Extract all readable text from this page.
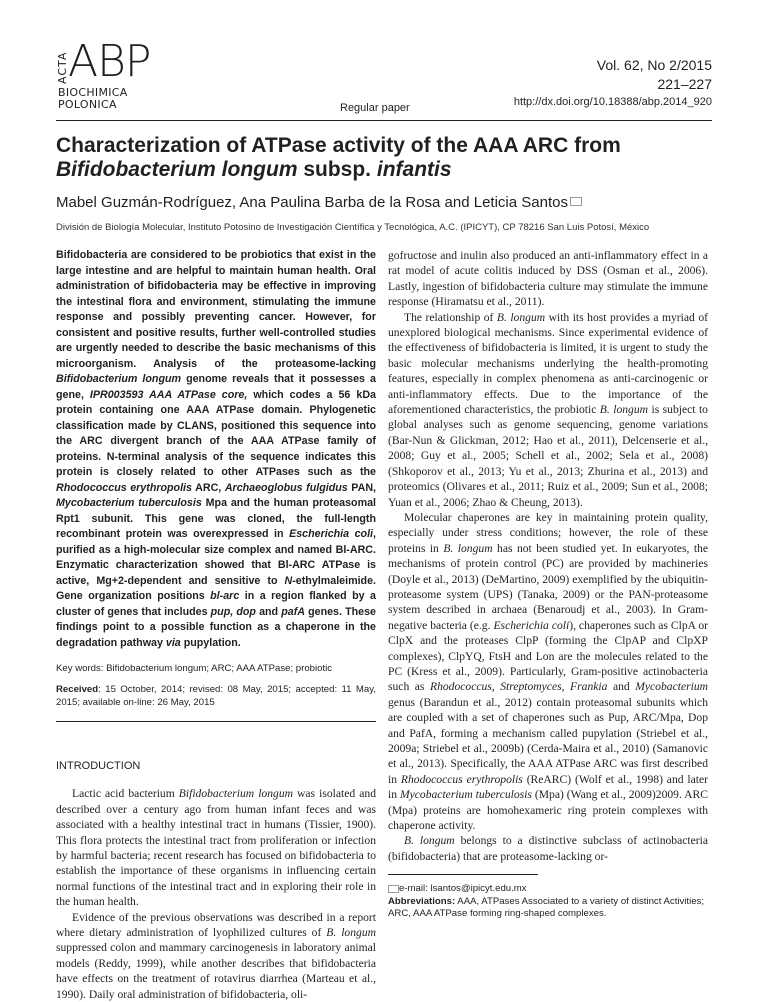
ACTA ABP
BIOCHIMICA
POLONICA
Vol. 62, No 2/2015
221–227
http://dx.doi.org/10.18388/abp.2014_920
Regular paper
Characterization of ATPase activity of the AAA ARC from
Bifidobacterium longum subsp. infantis
Mabel Guzmán-Rodríguez, Ana Paulina Barba de la Rosa and Leticia Santos
División de Biología Molecular, Instituto Potosino de Investigación Científica y Tecnológica, A.C. (IPICYT), CP 78216 San Luis Potosí, México

Bifidobacteria are considered to be probiotics that exist in the large intestine and are helpful to maintain human health. Oral administration of bifidobacteria may be effective in improving the intestinal flora and environment, stimulating the immune response and possibly preventing cancer. However, for consistent and positive results, further well-controlled studies are urgently needed to describe the basic mechanisms of this microorganism. Analysis of the proteasome-lacking Bifidobacterium longum genome reveals that it possesses a gene, IPR003593 AAA ATPase core, which codes a 56 kDa protein containing one AAA ATPase domain. Phylogenetic classification made by CLANS, positioned this sequence into the ARC divergent branch of the AAA ATPase family of proteins. N-terminal analysis of the sequence indicates this protein is closely related to other ATPases such as the Rhodococcus erythropolis ARC, Archaeoglobus fulgidus PAN, Mycobacterium tuberculosis Mpa and the human proteasomal Rpt1 subunit. This gene was cloned, the full-length recombinant protein was overexpressed in Escherichia coli, purified as a high-molecular size complex and named Bl-ARC. Enzymatic characterization showed that Bl-ARC ATPase is active, Mg+2-dependent and sensitive to N-ethylmaleimide. Gene organization positions bl-arc in a region flanked by a cluster of genes that includes pup, dop and pafA genes. These findings point to a possible function as a chaperone in the degradation pathway via pupylation.

Key words: Bifidobacterium longum; ARC; AAA ATPase; probiotic
Received: 15 October, 2014; revised: 08 May, 2015; accepted: 11 May, 2015; available on-line: 26 May, 2015
INTRODUCTION

Lactic acid bacterium Bifidobacterium longum was isolated and described over a century ago from human infant feces and was associated with a healthy intestinal tract in humans (Tissier, 1900). This flora protects the intestinal tract from proliferation or infection by harmful bacteria; recent research has focused on bifidobacteria to establish the importance of these organisms in influencing certain normal functions of the intestinal tract and in exploring their role in the human health.

Evidence of the previous observations was described in a report where dietary administration of lyophilized cultures of B. longum suppressed colon and mammary carcinogenesis in laboratory animal models (Reddy, 1999), while another describes that bifidobacteria have effects on the treatment of rotavirus diarrhea (Marteau et al., 1990). Daily oral administration of bifidobacteria, oli-

gofructose and inulin also produced an anti-inflammatory effect in a rat model of acute colitis induced by DSS (Osman et al., 2006). Lastly, ingestion of bifidobacteria culture may stimulate the immune response (Hiramatsu et al., 2011).

The relationship of B. longum with its host provides a myriad of unexplored biological mechanisms. Since experimental evidence of the effectiveness of bifidobacteria is limited, it is urgent to study the basic molecular mechanisms underlying the health-promoting features, especially in complex phenomena as anti-carcinogenic or anti-inflammatory effects. Due to the importance of the aforementioned characteristics, the probiotic B. longum is subject to global analyses such as genome sequencing, genome variations (Bar-Nun & Glickman, 2012; Hao et al., 2011), Delcenserie et al., 2008; Guy et al., 2005; Schell et al., 2002; Sela et al., 2008) (Shkoporov et al., 2013; Yu et al., 2013; Zhurina et al., 2013) and proteomics (Olivares et al., 2011; Ruiz et al., 2009; Sun et al., 2008; Yuan et al., 2006; Zhao & Cheung, 2013).

Molecular chaperones are key in maintaining protein quality, especially under stress conditions; however, the role of these proteins in B. longum has not been studied yet. In eukaryotes, the mechanisms of protein control (PC) are provided by machineries (Doyle et al., 2013) (DeMartino, 2009) exemplified by the ubiquitin-proteasome system (UPS) (Tanaka, 2009) or the PAN-proteasome system described in archaea (Benaroudj et al., 2003). In Gram-negative bacteria (e.g. Escherichia coli), chaperones such as ClpA or ClpX and the proteases ClpP (forming the ClpAP and ClpXP complexes), ClpYQ, FtsH and Lon are the molecules related to the PC (Kress et al., 2009). Particularly, Gram-positive actinobacteria such as Rhodococcus, Streptomyces, Frankia and Mycobacterium genus (Barandun et al., 2012) contain proteasomal subunits which are coupled with a set of chaperones such as Pup, ARC/Mpa, Dop and PafA, forming a mechanism called pupylation (Striebel et al., 2009a; Striebel et al., 2009b) (Cerda-Maira et al., 2010) (Samanovic et al., 2013). Specifically, the AAA ATPase ARC was first described in Rhodococcus erythropolis (ReARC) (Wolf et al., 1998) and later in Mycobacterium tuberculosis (Mpa) (Wang et al., 2009)2009. ARC (Mpa) proteins are homohexameric ring protein complexes with chaperone activity.

B. longum belongs to a distinctive subclass of actinobacteria (bifidobacteria) that are proteasome-lacking or-

e-mail: lsantos@ipicyt.edu.mx
Abbreviations: AAA, ATPases Associated to a variety of distinct Activities; ARC, AAA ATPase forming ring-shaped complexes.
